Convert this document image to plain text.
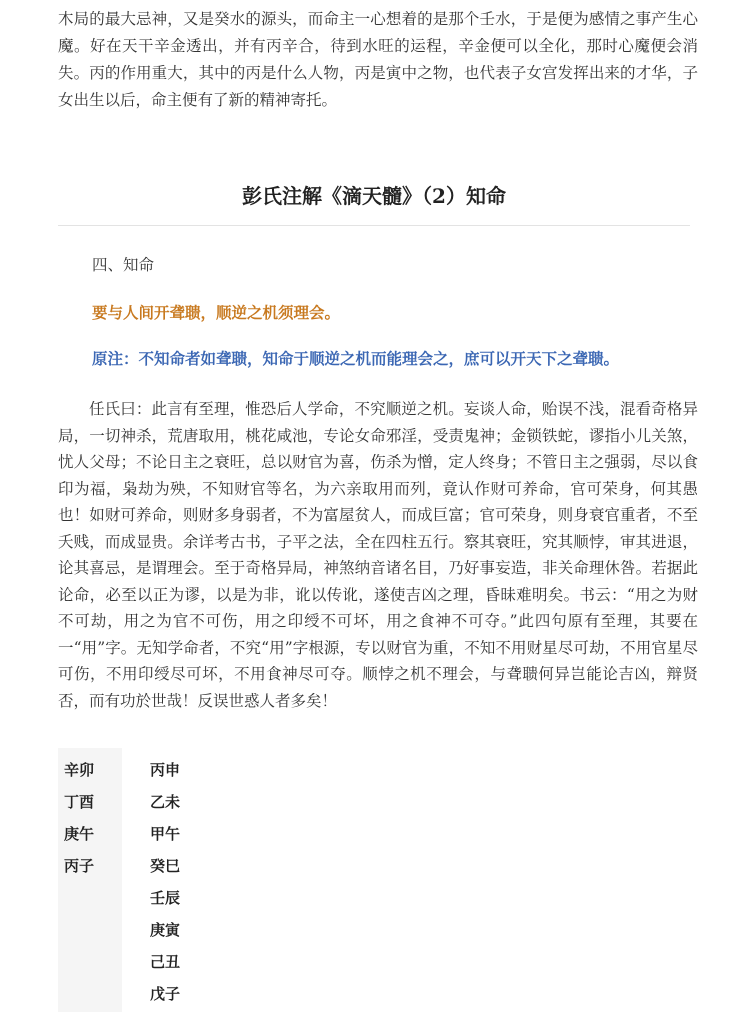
木局的最大忌神，又是癸水的源头，而命主一心想着的是那个壬水，于是便为感情之事产生心魔。好在天干辛金透出，并有丙辛合，待到水旺的运程，辛金便可以全化，那时心魔便会消失。丙的作用重大，其中的丙是什么人物，丙是寅中之物，也代表子女宫发挥出来的才华，子女出生以后，命主便有了新的精神寄托。

彭氏注解《滴天髓》（2）知命

四、知命

要与人间开聋聩，顺逆之机须理会。

原注：不知命者如聋聩，知命于顺逆之机而能理会之，庶可以开天下之聋聩。

任氏曰：此言有至理，惟恐后人学命，不究顺逆之机。妄谈人命，贻误不浅，混看奇格异局，一切神杀，荒唐取用，桃花咸池，专论女命邪淫，受责鬼神；金锁铁蛇，谬指小儿关煞，忧人父母；不论日主之衰旺，总以财官为喜，伤杀为憎，定人终身；不管日主之强弱，尽以食印为福，枭劫为殃，不知财官等名，为六亲取用而列，竟认作财可养命，官可荣身，何其愚也！如财可养命，则财多身弱者，不为富屋贫人，而成巨富；官可荣身，则身衰官重者，不至夭贱，而成显贵。余详考古书，子平之法，全在四柱五行。察其衰旺，究其顺悖，审其进退，论其喜忌，是谓理会。至于奇格异局，神煞纳音诸名目，乃好事妄造，非关命理休咎。若据此论命，必至以正为谬，以是为非，讹以传讹，遂使吉凶之理，昏昧难明矣。书云：“用之为财不可劫，用之为官不可伤，用之印绶不可坏，用之食神不可夺。”此四句原有至理，其要在一“用”字。无知学命者，不究“用”字根源，专以财官为重，不知不用财星尽可劫，不用官星尽可伤，不用印绶尽可坏，不用食神尽可夺。顺悖之机不理会，与聋聩何异岂能论吉凶，辩贤否，而有功於世哉！反误世惑人者多矣！

辛卯
丁酉
庚午
丙子
丙申
乙未
甲午
癸巳
壬辰
庚寅
己丑
戊子
